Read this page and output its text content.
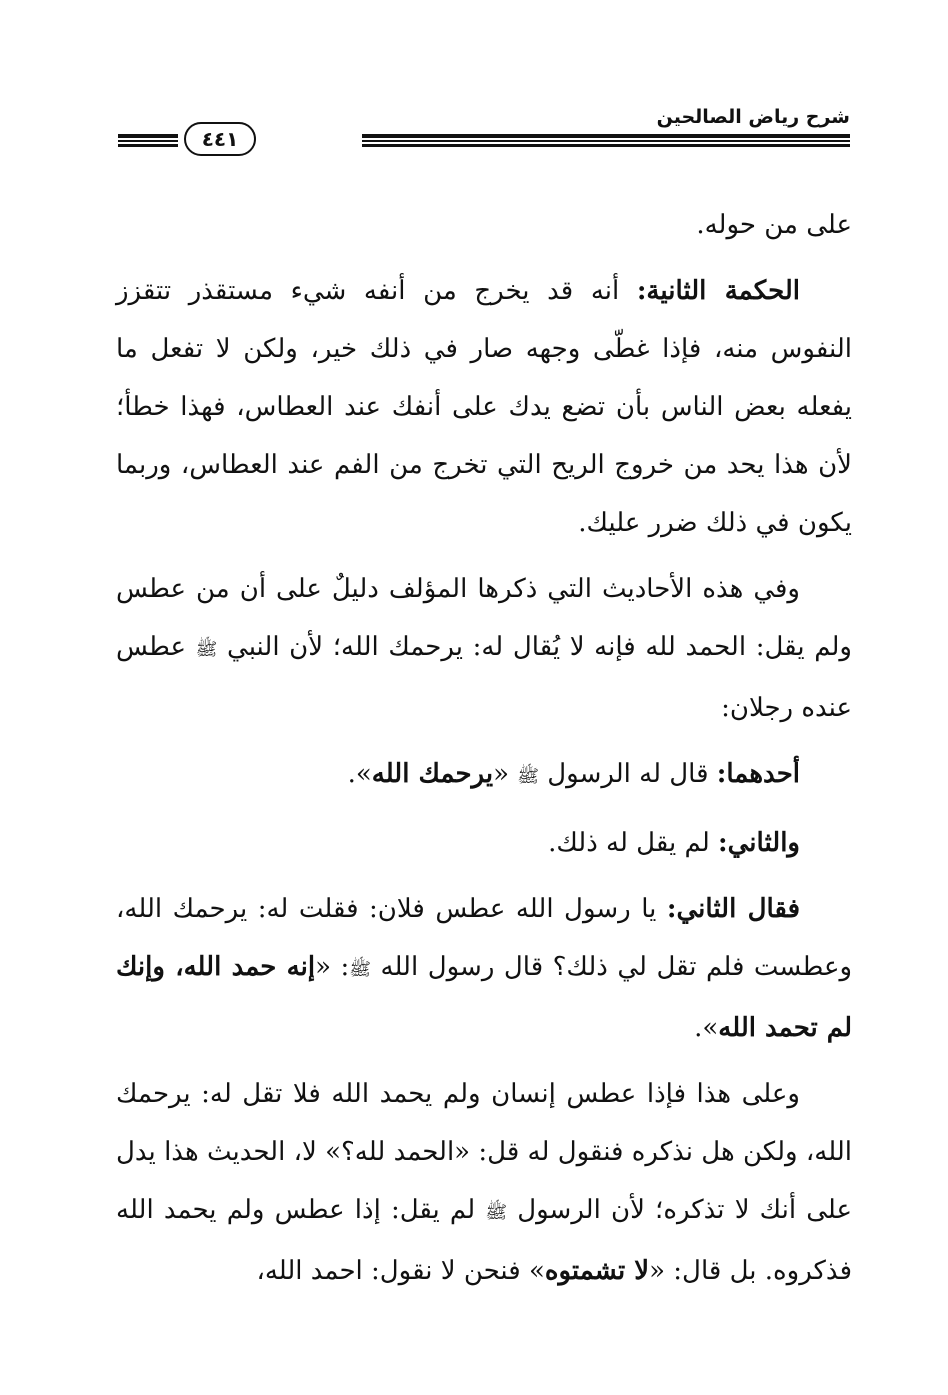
شرح رياض الصالحين
٤٤١

على من حوله.

الحكمة الثانية: أنه قد يخرج من أنفه شيء مستقذر تتقزز النفوس منه، فإذا غطّى وجهه صار في ذلك خير، ولكن لا تفعل ما يفعله بعض الناس بأن تضع يدك على أنفك عند العطاس، فهذا خطأ؛ لأن هذا يحد من خروج الريح التي تخرج من الفم عند العطاس، وربما يكون في ذلك ضرر عليك.

وفي هذه الأحاديث التي ذكرها المؤلف دليلٌ على أن من عطس ولم يقل: الحمد لله فإنه لا يُقال له: يرحمك الله؛ لأن النبي ﷺ عطس عنده رجلان:

أحدهما: قال له الرسول ﷺ «يرحمك الله».

والثاني: لم يقل له ذلك.

فقال الثاني: يا رسول الله عطس فلان: فقلت له: يرحمك الله، وعطست فلم تقل لي ذلك؟ قال رسول الله ﷺ: «إنه حمد الله، وإنك لم تحمد الله».

وعلى هذا فإذا عطس إنسان ولم يحمد الله فلا تقل له: يرحمك الله، ولكن هل نذكره فنقول له قل: «الحمد لله؟» لا، الحديث هذا يدل على أنك لا تذكره؛ لأن الرسول ﷺ لم يقل: إذا عطس ولم يحمد الله فذكروه. بل قال: «لا تشمتوه» فنحن لا نقول: احمد الله،
